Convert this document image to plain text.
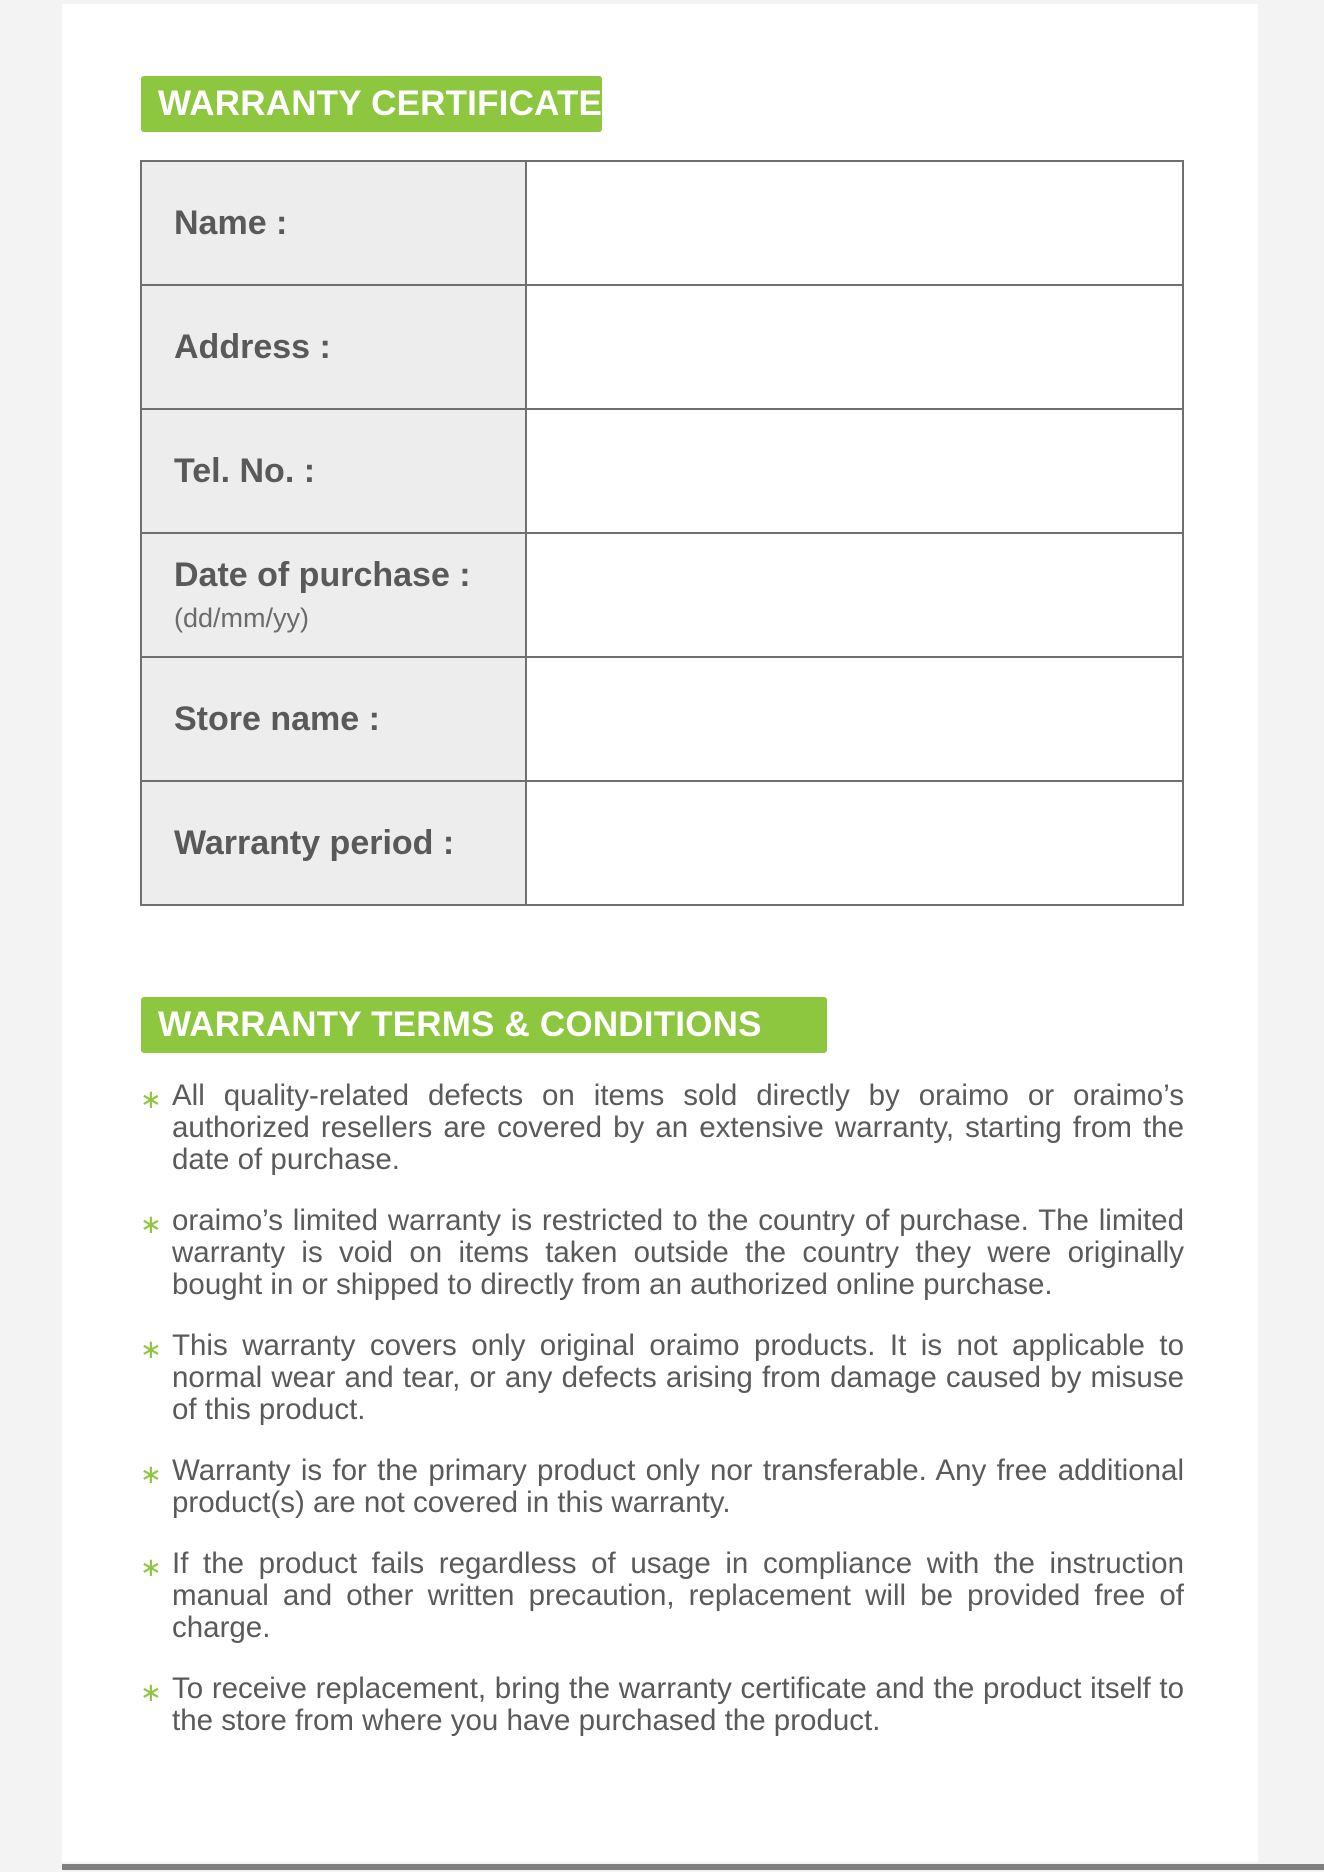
WARRANTY CERTIFICATE
Name :	

Address :	

Tel. No. :	

Date of purchase :
(dd/mm/yy)	

Store name :	

Warranty period :	

WARRANTY TERMS & CONDITIONS
∗ All quality-related defects on items sold directly by oraimo or oraimo’s authorized resellers are covered by an extensive warranty, starting from the date of purchase.
∗ oraimo’s limited warranty is restricted to the country of purchase. The limited warranty is void on items taken outside the country they were originally bought in or shipped to directly from an authorized online purchase.
∗ This warranty covers only original oraimo products. It is not applicable to normal wear and tear, or any defects arising from damage caused by misuse of this product.
∗ Warranty is for the primary product only nor transferable. Any free additional product(s) are not covered in this warranty.
∗ If the product fails regardless of usage in compliance with the instruction manual and other written precaution, replacement will be provided free of charge.
∗ To receive replacement, bring the warranty certificate and the product itself to the store from where you have purchased the product.
